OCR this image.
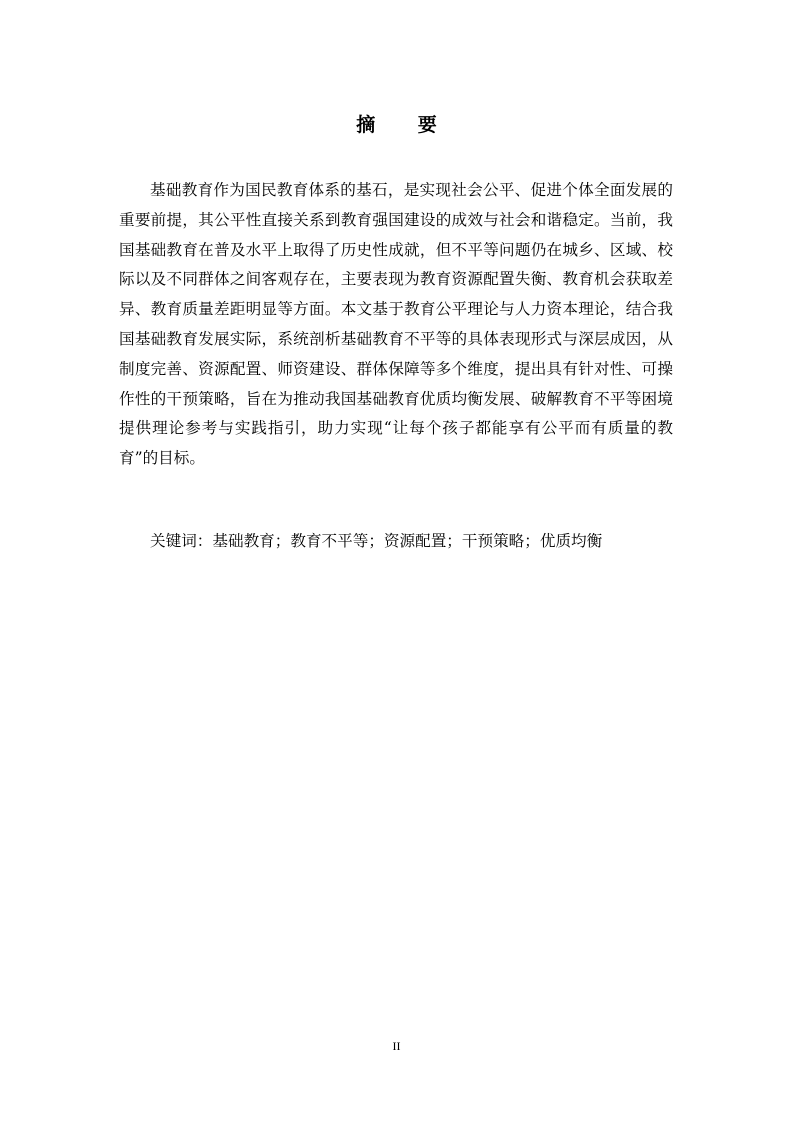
摘 要

基础教育作为国民教育体系的基石，是实现社会公平、促进个体全面发展的重要前提，其公平性直接关系到教育强国建设的成效与社会和谐稳定。当前，我国基础教育在普及水平上取得了历史性成就，但不平等问题仍在城乡、区域、校际以及不同群体之间客观存在，主要表现为教育资源配置失衡、教育机会获取差异、教育质量差距明显等方面。本文基于教育公平理论与人力资本理论，结合我国基础教育发展实际，系统剖析基础教育不平等的具体表现形式与深层成因，从制度完善、资源配置、师资建设、群体保障等多个维度，提出具有针对性、可操作性的干预策略，旨在为推动我国基础教育优质均衡发展、破解教育不平等困境提供理论参考与实践指引，助力实现“让每个孩子都能享有公平而有质量的教育”的目标。

关键词：基础教育；教育不平等；资源配置；干预策略；优质均衡

II
